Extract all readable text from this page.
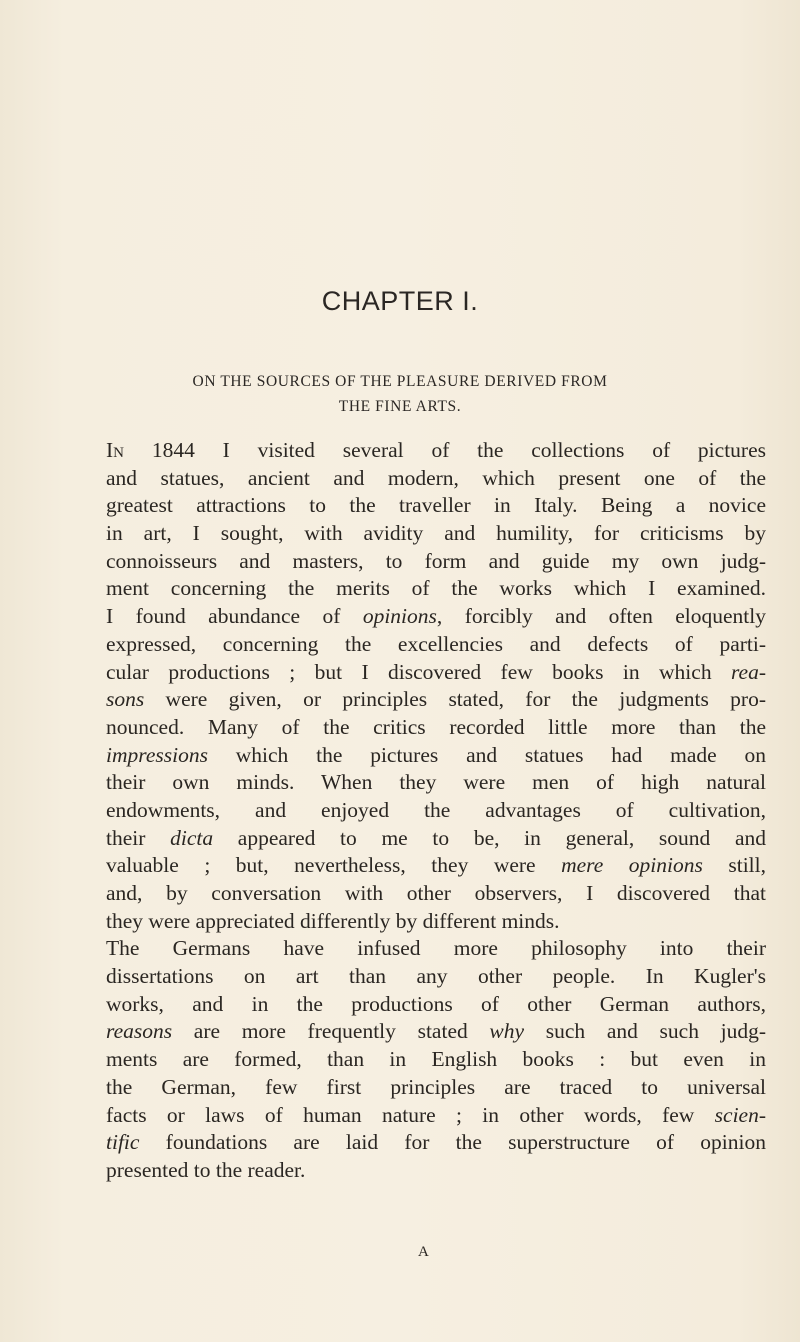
CHAPTER I.
ON THE SOURCES OF THE PLEASURE DERIVED FROM
THE FINE ARTS.
In 1844 I visited several of the collections of pictures
and statues, ancient and modern, which present one of the
greatest attractions to the traveller in Italy. Being a novice
in art, I sought, with avidity and humility, for criticisms by
connoisseurs and masters, to form and guide my own judg-
ment concerning the merits of the works which I examined.
I found abundance of opinions, forcibly and often eloquently
expressed, concerning the excellencies and defects of parti-
cular productions ; but I discovered few books in which rea-
sons were given, or principles stated, for the judgments pro-
nounced. Many of the critics recorded little more than the
impressions which the pictures and statues had made on
their own minds. When they were men of high natural
endowments, and enjoyed the advantages of cultivation,
their dicta appeared to me to be, in general, sound and
valuable ; but, nevertheless, they were mere opinions still,
and, by conversation with other observers, I discovered that
they were appreciated differently by different minds.
The Germans have infused more philosophy into their
dissertations on art than any other people. In Kugler's
works, and in the productions of other German authors,
reasons are more frequently stated why such and such judg-
ments are formed, than in English books : but even in
the German, few first principles are traced to universal
facts or laws of human nature ; in other words, few scien-
tific foundations are laid for the superstructure of opinion
presented to the reader.
A
